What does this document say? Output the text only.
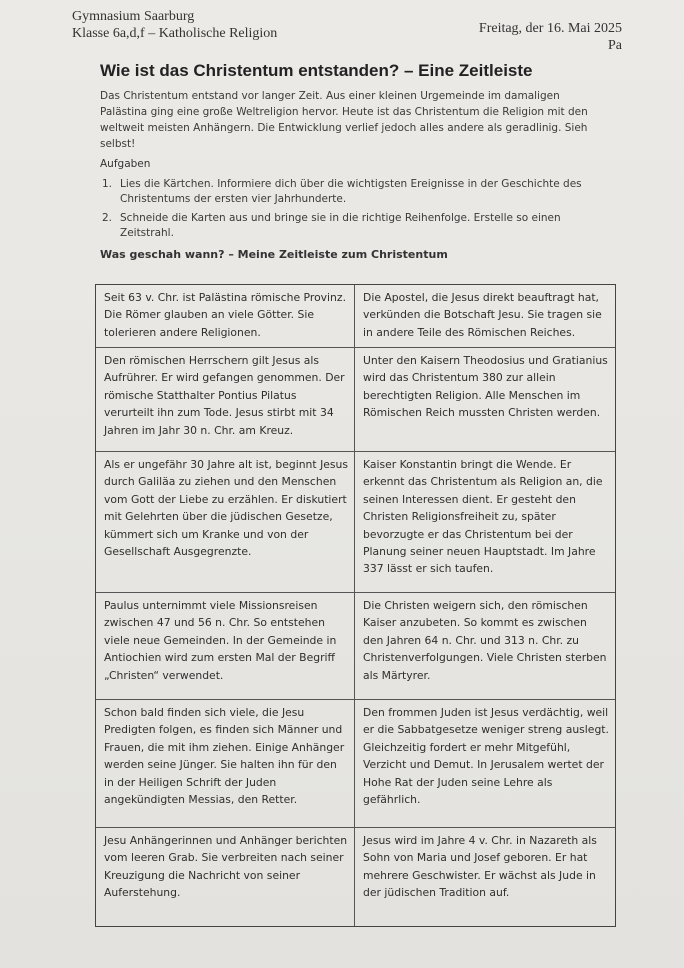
Gymnasium Saarburg
Klasse 6a,d,f – Katholische Religion	Freitag, der 16. Mai 2025
Pa
Wie ist das Christentum entstanden? – Eine Zeitleiste
Das Christentum entstand vor langer Zeit. Aus einer kleinen Urgemeinde im damaligen Palästina ging eine große Weltreligion hervor. Heute ist das Christentum die Religion mit den weltweit meisten Anhängern. Die Entwicklung verlief jedoch alles andere als geradlinig. Sieh selbst!
Aufgaben
1. Lies die Kärtchen. Informiere dich über die wichtigsten Ereignisse in der Geschichte des Christentums der ersten vier Jahrhunderte.
2. Schneide die Karten aus und bringe sie in die richtige Reihenfolge. Erstelle so einen Zeitstrahl.
Was geschah wann? – Meine Zeitleiste zum Christentum
Seit 63 v. Chr. ist Palästina römische Provinz. Die Römer glauben an viele Götter. Sie tolerieren andere Religionen.
Die Apostel, die Jesus direkt beauftragt hat, verkünden die Botschaft Jesu. Sie tragen sie in andere Teile des Römischen Reiches.
Den römischen Herrschern gilt Jesus als Aufrührer. Er wird gefangen genommen. Der römische Statthalter Pontius Pilatus verurteilt ihn zum Tode. Jesus stirbt mit 34 Jahren im Jahr 30 n. Chr. am Kreuz.
Unter den Kaisern Theodosius und Gratianius wird das Christentum 380 zur allein berechtigten Religion. Alle Menschen im Römischen Reich mussten Christen werden.
Als er ungefähr 30 Jahre alt ist, beginnt Jesus durch Galiläa zu ziehen und den Menschen vom Gott der Liebe zu erzählen. Er diskutiert mit Gelehrten über die jüdischen Gesetze, kümmert sich um Kranke und von der Gesellschaft Ausgegrenzte.
Kaiser Konstantin bringt die Wende. Er erkennt das Christentum als Religion an, die seinen Interessen dient. Er gesteht den Christen Religionsfreiheit zu, später bevorzugte er das Christentum bei der Planung seiner neuen Hauptstadt. Im Jahre 337 lässt er sich taufen.
Paulus unternimmt viele Missionsreisen zwischen 47 und 56 n. Chr. So entstehen viele neue Gemeinden. In der Gemeinde in Antiochien wird zum ersten Mal der Begriff „Christen“ verwendet.
Die Christen weigern sich, den römischen Kaiser anzubeten. So kommt es zwischen den Jahren 64 n. Chr. und 313 n. Chr. zu Christenverfolgungen. Viele Christen sterben als Märtyrer.
Schon bald finden sich viele, die Jesu Predigten folgen, es finden sich Männer und Frauen, die mit ihm ziehen. Einige Anhänger werden seine Jünger. Sie halten ihn für den in der Heiligen Schrift der Juden angekündigten Messias, den Retter.
Den frommen Juden ist Jesus verdächtig, weil er die Sabbatgesetze weniger streng auslegt. Gleichzeitig fordert er mehr Mitgefühl, Verzicht und Demut. In Jerusalem wertet der Hohe Rat der Juden seine Lehre als gefährlich.
Jesu Anhängerinnen und Anhänger berichten vom leeren Grab. Sie verbreiten nach seiner Kreuzigung die Nachricht von seiner Auferstehung.
Jesus wird im Jahre 4 v. Chr. in Nazareth als Sohn von Maria und Josef geboren. Er hat mehrere Geschwister. Er wächst als Jude in der jüdischen Tradition auf.
